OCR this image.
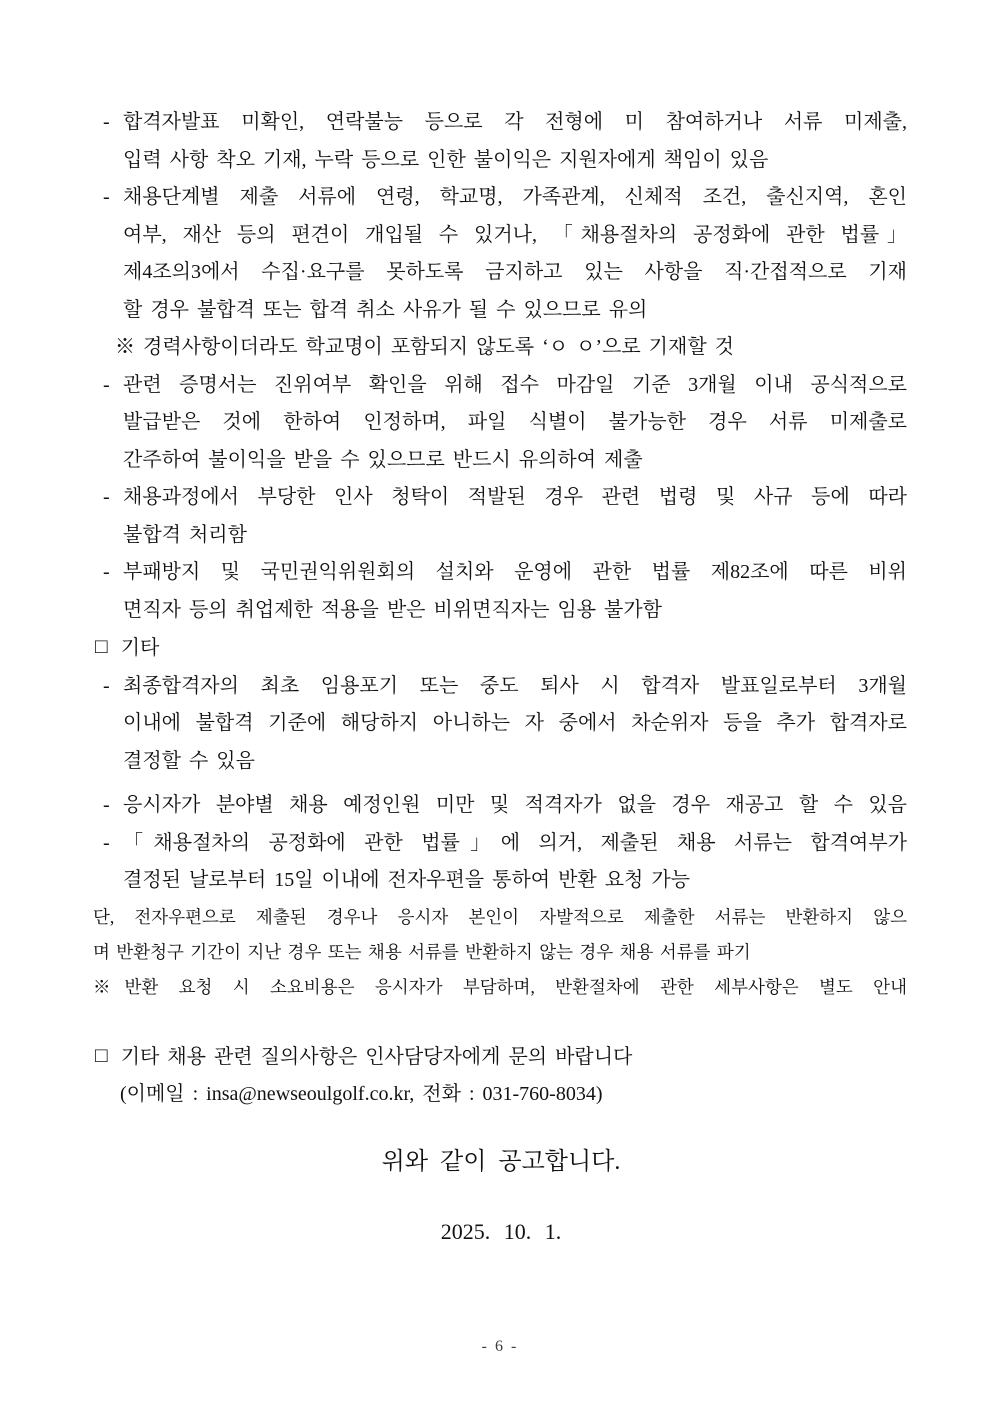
- 합격자발표 미확인, 연락불능 등으로 각 전형에 미 참여하거나 서류 미제출,
입력 사항 착오 기재, 누락 등으로 인한 불이익은 지원자에게 책임이 있음
- 채용단계별 제출 서류에 연령, 학교명, 가족관계, 신체적 조건, 출신지역, 혼인
여부, 재산 등의 편견이 개입될 수 있거나, 「채용절차의 공정화에 관한 법률」
제4조의3에서 수집·요구를 못하도록 금지하고 있는 사항을 직·간접적으로 기재
할 경우 불합격 또는 합격 취소 사유가 될 수 있으므로 유의
※ 경력사항이더라도 학교명이 포함되지 않도록 ‘ㅇ ㅇ’으로 기재할 것
- 관련 증명서는 진위여부 확인을 위해 접수 마감일 기준 3개월 이내 공식적으로
발급받은 것에 한하여 인정하며, 파일 식별이 불가능한 경우 서류 미제출로
간주하여 불이익을 받을 수 있으므로 반드시 유의하여 제출
- 채용과정에서 부당한 인사 청탁이 적발된 경우 관련 법령 및 사규 등에 따라
불합격 처리함
- 부패방지 및 국민권익위원회의 설치와 운영에 관한 법률 제82조에 따른 비위
면직자 등의 취업제한 적용을 받은 비위면직자는 임용 불가함
□ 기타
- 최종합격자의 최초 임용포기 또는 중도 퇴사 시 합격자 발표일로부터 3개월
이내에 불합격 기준에 해당하지 아니하는 자 중에서 차순위자 등을 추가 합격자로
결정할 수 있음
- 응시자가 분야별 채용 예정인원 미만 및 적격자가 없을 경우 재공고 할 수 있음
- 「채용절차의 공정화에 관한 법률」에 의거, 제출된 채용 서류는 합격여부가
결정된 날로부터 15일 이내에 전자우편을 통하여 반환 요청 가능
단, 전자우편으로 제출된 경우나 응시자 본인이 자발적으로 제출한 서류는 반환하지 않으
며 반환청구 기간이 지난 경우 또는 채용 서류를 반환하지 않는 경우 채용 서류를 파기
※반환 요청 시 소요비용은 응시자가 부담하며, 반환절차에 관한 세부사항은 별도 안내
□ 기타 채용 관련 질의사항은 인사담당자에게 문의 바랍니다
(이메일 : insa@newseoulgolf.co.kr, 전화 : 031-760-8034)
위와 같이 공고합니다.
2025. 10. 1.
- 6 -
